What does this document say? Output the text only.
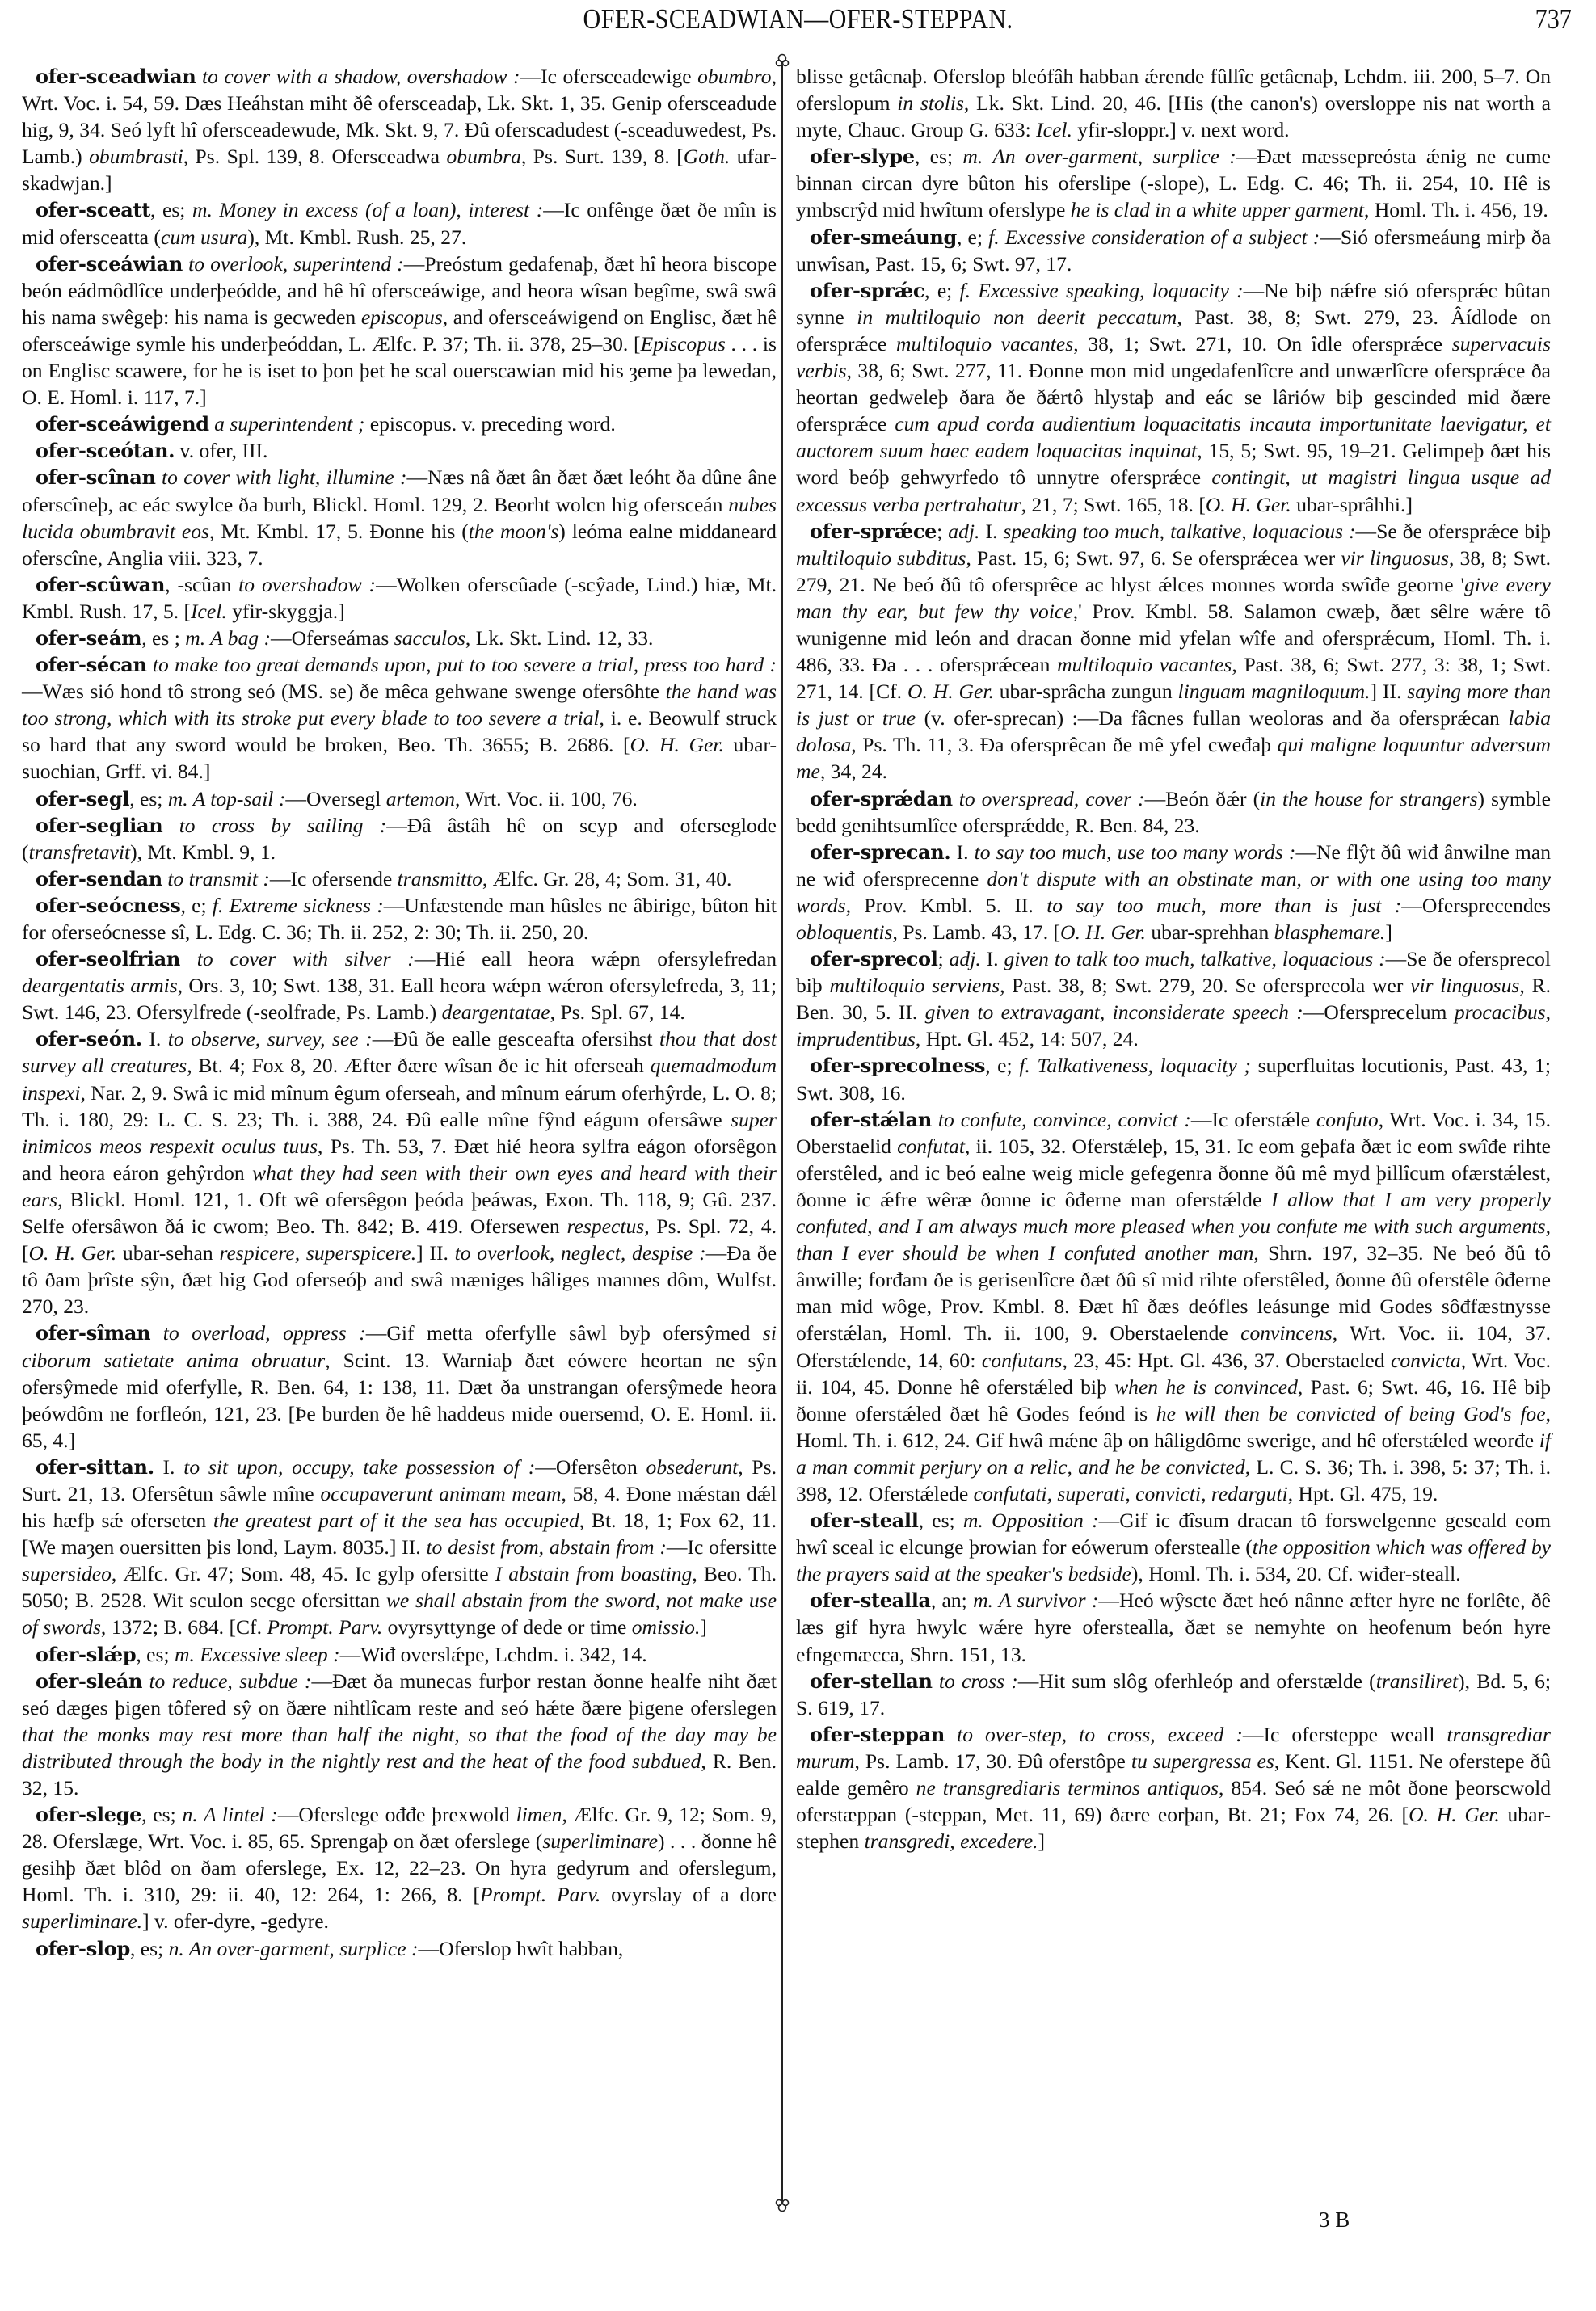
OFER-SCEADWIAN—OFER-STEPPAN.	737

ofer-sceadwian to cover with a shadow, overshadow :—Ic ofersceadewige obumbro, Wrt. Voc. i. 54, 59. Ðæs Heáhstan miht ðê ofersceadaþ, Lk. Skt. 1, 35. Genip ofersceadude hig, 9, 34. Seó lyft hî ofersceadewude, Mk. Skt. 9, 7. Ðû oferscadudest (-sceaduwedest, Ps. Lamb.) obumbrasti, Ps. Spl. 139, 8. Ofersceadwa obumbra, Ps. Surt. 139, 8. [Goth. ufar-skadwjan.]

ofer-sceatt, es; m. Money in excess (of a loan), interest :—Ic onfênge ðæt ðe mîn is mid ofersceatta (cum usura), Mt. Kmbl. Rush. 25, 27.

ofer-sceáwian to overlook, superintend :—Preóstum gedafenaþ, ðæt hî heora biscope beón eádmôdlîce underþeódde, and hê hî ofersceáwige, and heora wîsan begîme, swâ swâ his nama swêgeþ: his nama is gecweden episcopus, and ofersceáwigend on Englisc, ðæt hê ofersceáwige symle his underþeóddan, L. Ælfc. P. 37; Th. ii. 378, 25–30. [Episcopus . . . is on Englisc scawere, for he is iset to þon þet he scal ouerscawian mid his ȝeme þa lewedan, O. E. Homl. i. 117, 7.]

ofer-sceáwigend a superintendent ; episcopus. v. preceding word.

ofer-sceótan. v. ofer, III.

ofer-scînan to cover with light, illumine :—Næs nâ ðæt ân ðæt ðæt leóht ða dûne âne oferscîneþ, ac eác swylce ða burh, Blickl. Homl. 129, 2. Beorht wolcn hig ofersceán nubes lucida obumbravit eos, Mt. Kmbl. 17, 5. Ðonne his (the moon's) leóma ealne middaneard oferscîne, Anglia viii. 323, 7.

ofer-scûwan, -scûan to overshadow :—Wolken oferscûade (-scŷade, Lind.) hiæ, Mt. Kmbl. Rush. 17, 5. [Icel. yfir-skyggja.]

ofer-seám, es ; m. A bag :—Oferseámas sacculos, Lk. Skt. Lind. 12, 33.

ofer-sécan to make too great demands upon, put to too severe a trial, press too hard :—Wæs sió hond tô strong seó (MS. se) ðe mêca gehwane swenge ofersôhte the hand was too strong, which with its stroke put every blade to too severe a trial, i. e. Beowulf struck so hard that any sword would be broken, Beo. Th. 3655; B. 2686. [O. H. Ger. ubar-suochian, Grff. vi. 84.]

ofer-segl, es; m. A top-sail :—Oversegl artemon, Wrt. Voc. ii. 100, 76.

ofer-seglian to cross by sailing :—Ðâ âstâh hê on scyp and oferseglode (transfretavit), Mt. Kmbl. 9, 1.

ofer-sendan to transmit :—Ic ofersende transmitto, Ælfc. Gr. 28, 4; Som. 31, 40.

ofer-seócness, e; f. Extreme sickness :—Unfæstende man hûsles ne âbirige, bûton hit for oferseócnesse sî, L. Edg. C. 36; Th. ii. 252, 2: 30; Th. ii. 250, 20.

ofer-seolfrian to cover with silver :—Hié eall heora wǽpn ofersylefredan deargentatis armis, Ors. 3, 10; Swt. 138, 31. Eall heora wǽpn wǽron ofersylefreda, 3, 11; Swt. 146, 23. Ofersylfrede (-seolfrade, Ps. Lamb.) deargentatae, Ps. Spl. 67, 14.

ofer-seón. I. to observe, survey, see :—Ðû ðe ealle gesceafta ofersihst thou that dost survey all creatures, Bt. 4; Fox 8, 20. Æfter ðære wîsan ðe ic hit oferseah quemadmodum inspexi, Nar. 2, 9. Swâ ic mid mînum êgum oferseah, and mînum eárum oferhŷrde, L. O. 8; Th. i. 180, 29: L. C. S. 23; Th. i. 388, 24. Ðû ealle mîne fŷnd eágum ofersâwe super inimicos meos respexit oculus tuus, Ps. Th. 53, 7. Ðæt hié heora sylfra eágon oforsêgon and heora eáron gehŷrdon what they had seen with their own eyes and heard with their ears, Blickl. Homl. 121, 1. Oft wê ofersêgon þeóda þeáwas, Exon. Th. 118, 9; Gû. 237. Selfe ofersâwon ðá ic cwom; Beo. Th. 842; B. 419. Ofersewen respectus, Ps. Spl. 72, 4. [O. H. Ger. ubar-sehan respicere, superspicere.] II. to overlook, neglect, despise :—Ða ðe tô ðam þrîste sŷn, ðæt hig God oferseóþ and swâ mæniges hâliges mannes dôm, Wulfst. 270, 23.

ofer-sîman to overload, oppress :—Gif metta oferfylle sâwl byþ ofersŷmed si ciborum satietate anima obruatur, Scint. 13. Warniaþ ðæt eówere heortan ne sŷn ofersŷmede mid oferfylle, R. Ben. 64, 1: 138, 11. Ðæt ða unstrangan ofersŷmede heora þeówdôm ne forfleón, 121, 23. [Þe burden ðe hê haddeus mide ouersemd, O. E. Homl. ii. 65, 4.]

ofer-sittan. I. to sit upon, occupy, take possession of :—Ofersêton obsederunt, Ps. Surt. 21, 13. Ofersêtun sâwle mîne occupaverunt animam meam, 58, 4. Ðone mǽstan dǽl his hæfþ sǽ oferseten the greatest part of it the sea has occupied, Bt. 18, 1; Fox 62, 11. [We maȝen ouersitten þis lond, Laym. 8035.] II. to desist from, abstain from :—Ic ofersitte supersideo, Ælfc. Gr. 47; Som. 48, 45. Ic gylp ofersitte I abstain from boasting, Beo. Th. 5050; B. 2528. Wit sculon secge ofersittan we shall abstain from the sword, not make use of swords, 1372; B. 684. [Cf. Prompt. Parv. ovyrsyttynge of dede or time omissio.]

ofer-slǽp, es; m. Excessive sleep :—Wiđ overslǽpe, Lchdm. i. 342, 14.

ofer-sleán to reduce, subdue :—Ðæt ða munecas furþor restan ðonne healfe niht ðæt seó dæges þigen tôfered sŷ on ðære nihtlîcam reste and seó hǽte ðære þigene oferslegen that the monks may rest more than half the night, so that the food of the day may be distributed through the body in the nightly rest and the heat of the food subdued, R. Ben. 32, 15.

ofer-slege, es; n. A lintel :—Oferslege ođđe þrexwold limen, Ælfc. Gr. 9, 12; Som. 9, 28. Oferslæge, Wrt. Voc. i. 85, 65. Sprengaþ on ðæt oferslege (superliminare) . . . ðonne hê gesihþ ðæt blôd on ðam oferslege, Ex. 12, 22–23. On hyra gedyrum and oferslegum, Homl. Th. i. 310, 29: ii. 40, 12: 264, 1: 266, 8. [Prompt. Parv. ovyrslay of a dore superliminare.] v. ofer-dyre, -gedyre.

ofer-slop, es; n. An over-garment, surplice :—Oferslop hwît habban,

blisse getâcnaþ. Oferslop bleófâh habban ǽrende fûllîc getâcnaþ, Lchdm. iii. 200, 5–7. On oferslopum in stolis, Lk. Skt. Lind. 20, 46. [His (the canon's) oversloppe nis nat worth a myte, Chauc. Group G. 633: Icel. yfir-sloppr.] v. next word.

ofer-slype, es; m. An over-garment, surplice :—Ðæt mæssepreósta ǽnig ne cume binnan circan dyre bûton his oferslipe (-slope), L. Edg. C. 46; Th. ii. 254, 10. Hê is ymbscrŷd mid hwîtum oferslype he is clad in a white upper garment, Homl. Th. i. 456, 19.

ofer-smeáung, e; f. Excessive consideration of a subject :—Sió ofersmeáung mirþ ða unwîsan, Past. 15, 6; Swt. 97, 17.

ofer-sprǽc, e; f. Excessive speaking, loquacity :—Ne biþ nǽfre sió ofersprǽc bûtan synne in multiloquio non deerit peccatum, Past. 38, 8; Swt. 279, 23. Âídlode on ofersprǽce multiloquio vacantes, 38, 1; Swt. 271, 10. On îdle ofersprǽce supervacuis verbis, 38, 6; Swt. 277, 11. Ðonne mon mid ungedafenlîcre and unwærlîcre ofersprǽce ða heortan gedweleþ ðara ðe ðǽrtô hlystaþ and eác se lâriów biþ gescinded mid ðære ofersprǽce cum apud corda audientium loquacitatis incauta importunitate laevigatur, et auctorem suum haec eadem loquacitas inquinat, 15, 5; Swt. 95, 19–21. Gelimpeþ ðæt his word beóþ gehwyrfedo tô unnytre ofersprǽce contingit, ut magistri lingua usque ad excessus verba pertrahatur, 21, 7; Swt. 165, 18. [O. H. Ger. ubar-sprâhhi.]

ofer-sprǽce; adj. I. speaking too much, talkative, loquacious :—Se ðe ofersprǽce biþ multiloquio subditus, Past. 15, 6; Swt. 97, 6. Se ofersprǽcea wer vir linguosus, 38, 8; Swt. 279, 21. Ne beó ðû tô ofersprêce ac hlyst ǽlces monnes worda swîđe georne 'give every man thy ear, but few thy voice,' Prov. Kmbl. 58. Salamon cwæþ, ðæt sêlre wǽre tô wunigenne mid león and dracan ðonne mid yfelan wîfe and ofersprǽcum, Homl. Th. i. 486, 33. Ða . . . ofersprǽcean multiloquio vacantes, Past. 38, 6; Swt. 277, 3: 38, 1; Swt. 271, 14. [Cf. O. H. Ger. ubar-sprâcha zungun linguam magniloquum.] II. saying more than is just or true (v. ofer-sprecan) :—Ða fâcnes fullan weoloras and ða ofersprǽcan labia dolosa, Ps. Th. 11, 3. Ða ofersprêcan ðe mê yfel cweđaþ qui maligne loquuntur adversum me, 34, 24.

ofer-sprǽdan to overspread, cover :—Beón ðǽr (in the house for strangers) symble bedd genihtsumlîce ofersprǽdde, R. Ben. 84, 23.

ofer-sprecan. I. to say too much, use too many words :—Ne flŷt ðû wiđ ânwilne man ne wiđ ofersprecenne don't dispute with an obstinate man, or with one using too many words, Prov. Kmbl. 5. II. to say too much, more than is just :—Ofersprecendes obloquentis, Ps. Lamb. 43, 17. [O. H. Ger. ubar-sprehhan blasphemare.]

ofer-sprecol; adj. I. given to talk too much, talkative, loquacious :—Se ðe ofersprecol biþ multiloquio serviens, Past. 38, 8; Swt. 279, 20. Se ofersprecola wer vir linguosus, R. Ben. 30, 5. II. given to extravagant, inconsiderate speech :—Ofersprecelum procacibus, imprudentibus, Hpt. Gl. 452, 14: 507, 24.

ofer-sprecolness, e; f. Talkativeness, loquacity ; superfluitas locutionis, Past. 43, 1; Swt. 308, 16.

ofer-stǽlan to confute, convince, convict :—Ic oferstǽle confuto, Wrt. Voc. i. 34, 15. Oberstaelid confutat, ii. 105, 32. Oferstǽleþ, 15, 31. Ic eom geþafa ðæt ic eom swîđe rihte oferstêled, and ic beó ealne weig micle gefegenra ðonne ðû mê myd þillîcum ofærstǽlest, ðonne ic ǽfre wêræ ðonne ic ôđerne man oferstǽlde I allow that I am very properly confuted, and I am always much more pleased when you confute me with such arguments, than I ever should be when I confuted another man, Shrn. 197, 32–35. Ne beó ðû tô ânwille; forđam ðe is gerisenlîcre ðæt ðû sî mid rihte oferstêled, ðonne ðû oferstêle ôđerne man mid wôge, Prov. Kmbl. 8. Ðæt hî ðæs deófles leásunge mid Godes sôđfæstnysse oferstǽlan, Homl. Th. ii. 100, 9. Oberstaelende convincens, Wrt. Voc. ii. 104, 37. Oferstǽlende, 14, 60: confutans, 23, 45: Hpt. Gl. 436, 37. Oberstaeled convicta, Wrt. Voc. ii. 104, 45. Ðonne hê oferstǽled biþ when he is convinced, Past. 6; Swt. 46, 16. Hê biþ ðonne oferstǽled ðæt hê Godes feónd is he will then be convicted of being God's foe, Homl. Th. i. 612, 24. Gif hwâ mǽne âþ on hâligdôme swerige, and hê oferstǽled weorđe if a man commit perjury on a relic, and he be convicted, L. C. S. 36; Th. i. 398, 5: 37; Th. i. 398, 12. Oferstǽlede confutati, superati, convicti, redarguti, Hpt. Gl. 475, 19.

ofer-steall, es; m. Opposition :—Gif ic đîsum dracan tô forswelgenne geseald eom hwî sceal ic elcunge þrowian for eówerum oferstealle (the opposition which was offered by the prayers said at the speaker's bedside), Homl. Th. i. 534, 20. Cf. wiđer-steall.

ofer-stealla, an; m. A survivor :—Heó wŷscte ðæt heó nânne æfter hyre ne forlête, ðê læs gif hyra hwylc wǽre hyre oferstealla, ðæt se nemyhte on heofenum beón hyre efngemæcca, Shrn. 151, 13.

ofer-stellan to cross :—Hit sum slôg oferhleóp and oferstælde (transiliret), Bd. 5, 6; S. 619, 17.

ofer-steppan to over-step, to cross, exceed :—Ic ofersteppe weall transgrediar murum, Ps. Lamb. 17, 30. Ðû oferstôpe tu supergressa es, Kent. Gl. 1151. Ne oferstepe ðû ealde gemêro ne transgrediaris terminos antiquos, 854. Seó sǽ ne môt ðone þeorscwold oferstæppan (-steppan, Met. 11, 69) ðære eorþan, Bt. 21; Fox 74, 26. [O. H. Ger. ubar-stephen transgredi, excedere.]

3 B
